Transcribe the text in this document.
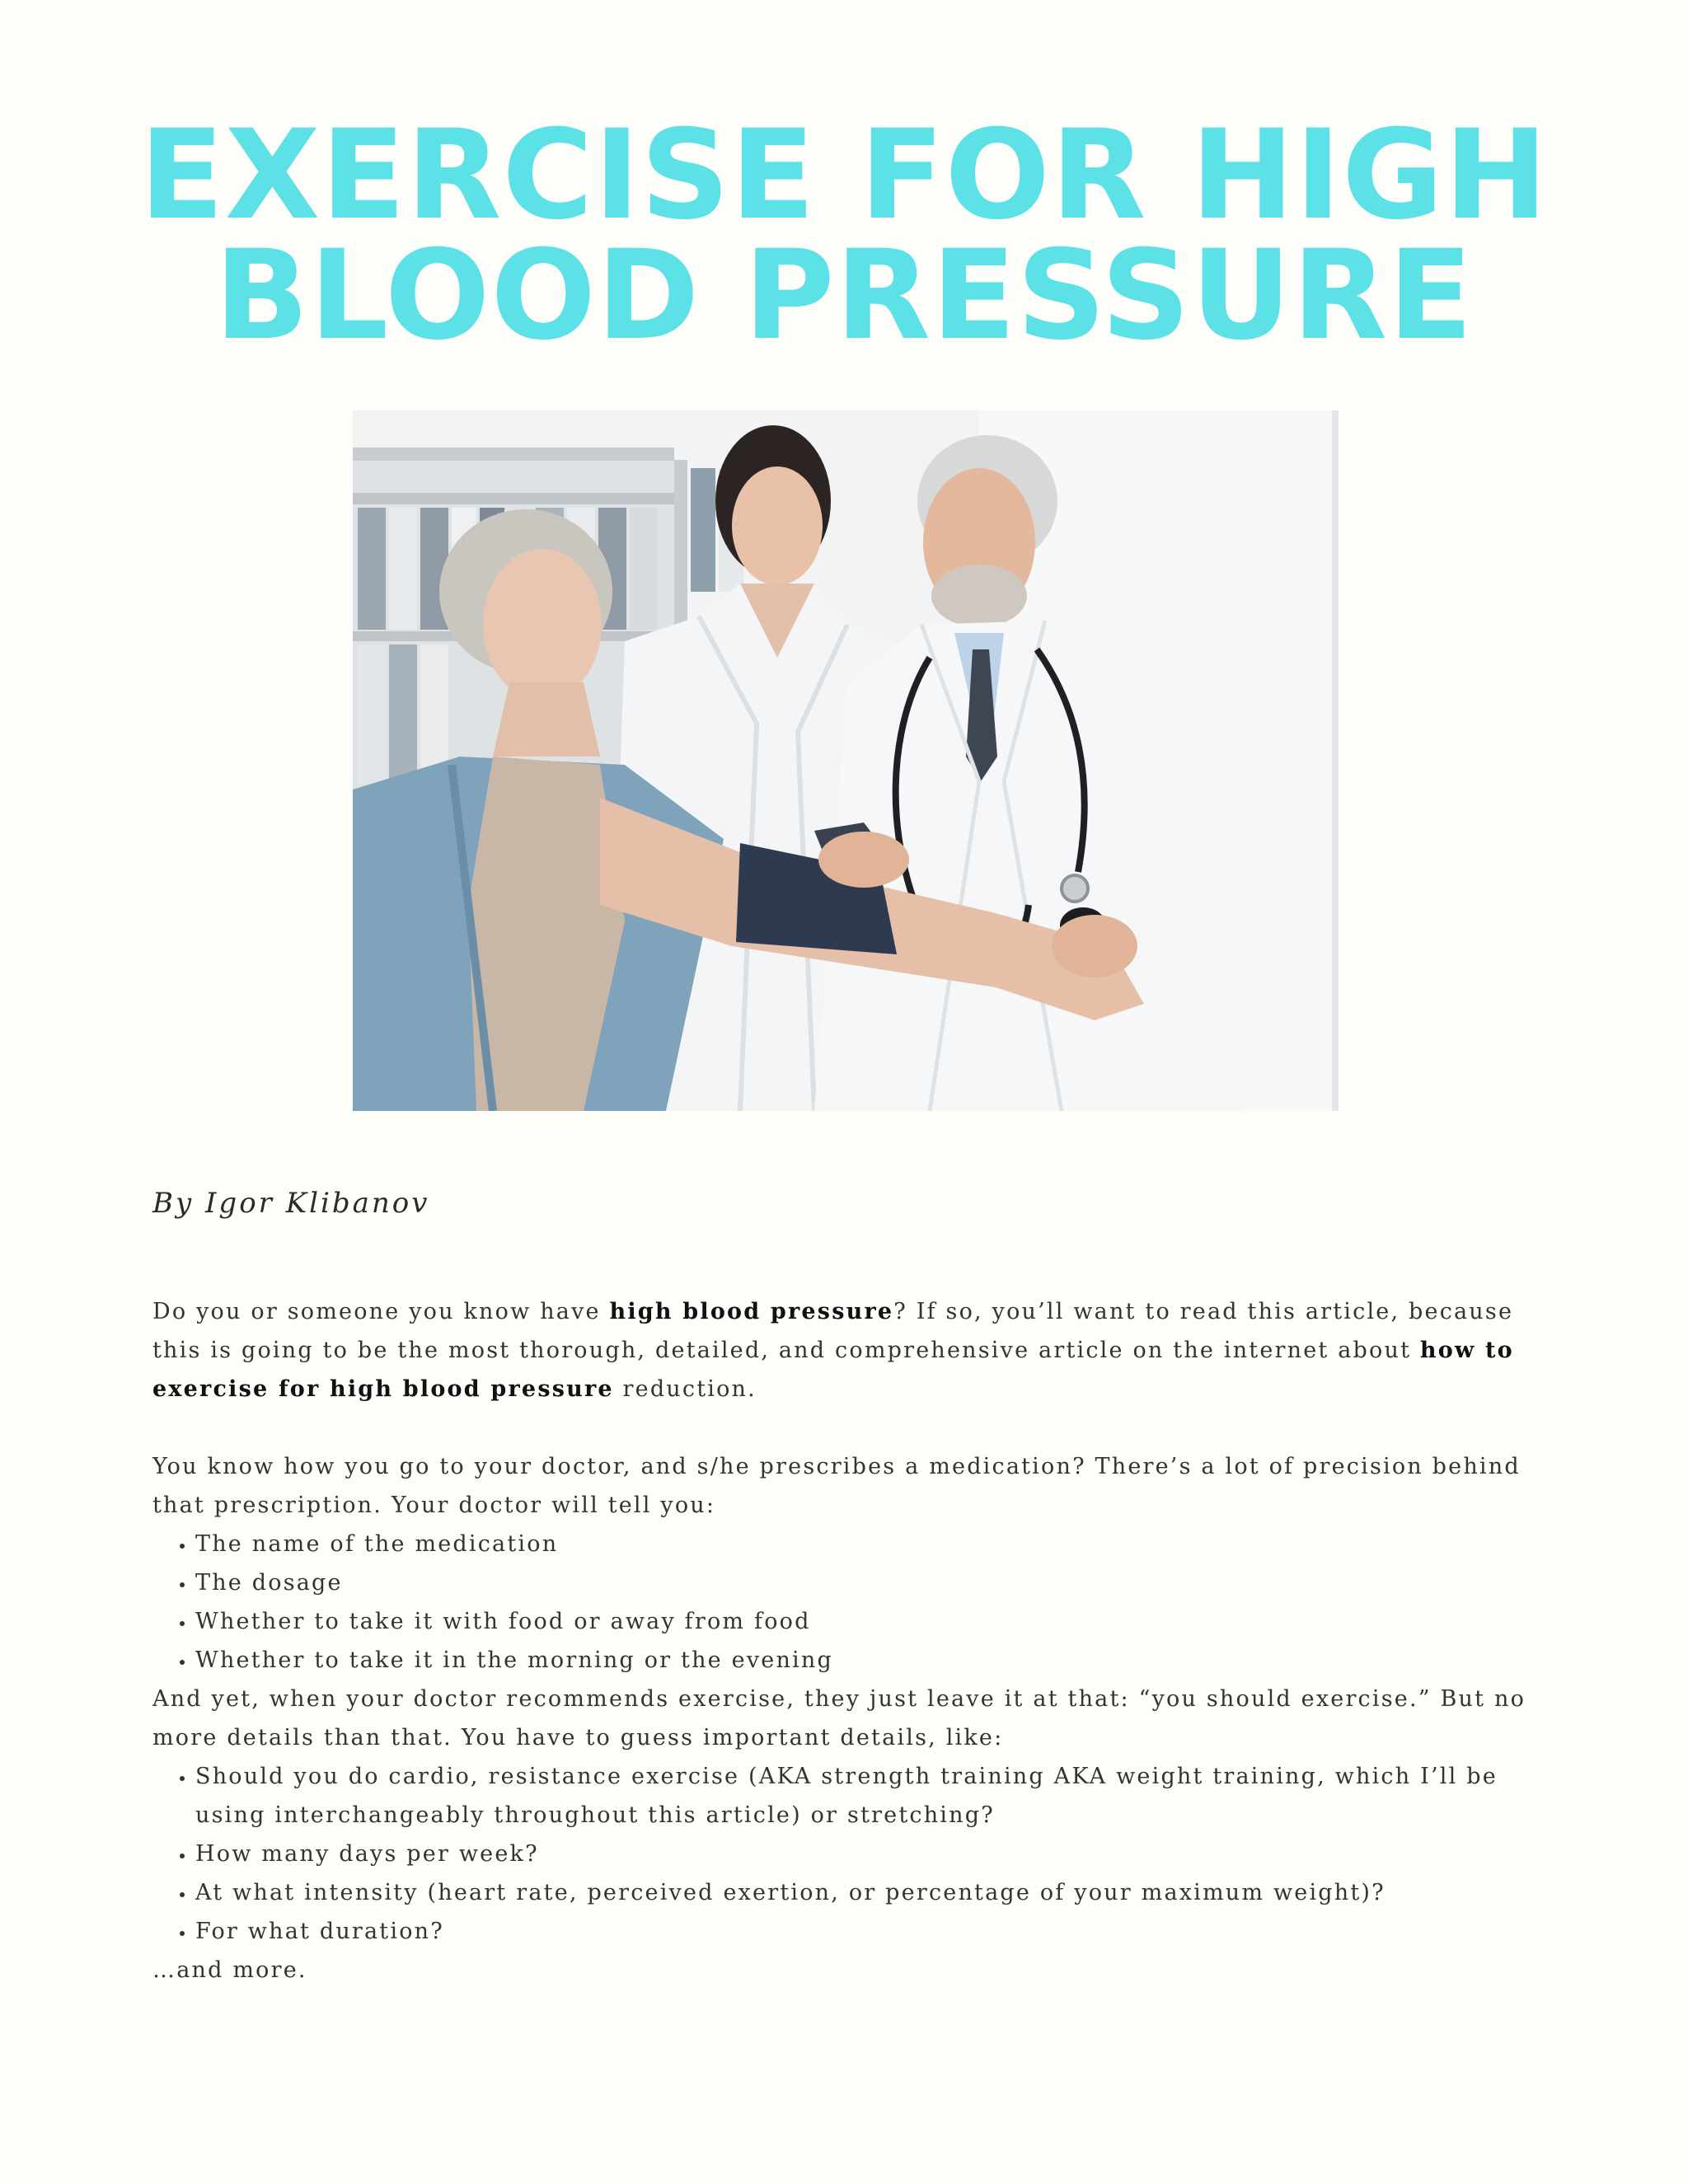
EXERCISE FOR HIGH
BLOOD PRESSURE

By Igor Klibanov

Do you or someone you know have high blood pressure? If so, you’ll want to read this article, because this is going to be the most thorough, detailed, and comprehensive article on the internet about how to exercise for high blood pressure reduction.

You know how you go to your doctor, and s/he prescribes a medication? There’s a lot of precision behind that prescription. Your doctor will tell you:

• The name of the medication
• The dosage
• Whether to take it with food or away from food
• Whether to take it in the morning or the evening

And yet, when your doctor recommends exercise, they just leave it at that: “you should exercise.” But no more details than that. You have to guess important details, like:

• Should you do cardio, resistance exercise (AKA strength training AKA weight training, which I’ll be using interchangeably throughout this article) or stretching?
• How many days per week?
• At what intensity (heart rate, perceived exertion, or percentage of your maximum weight)?
• For what duration?

…and more.
